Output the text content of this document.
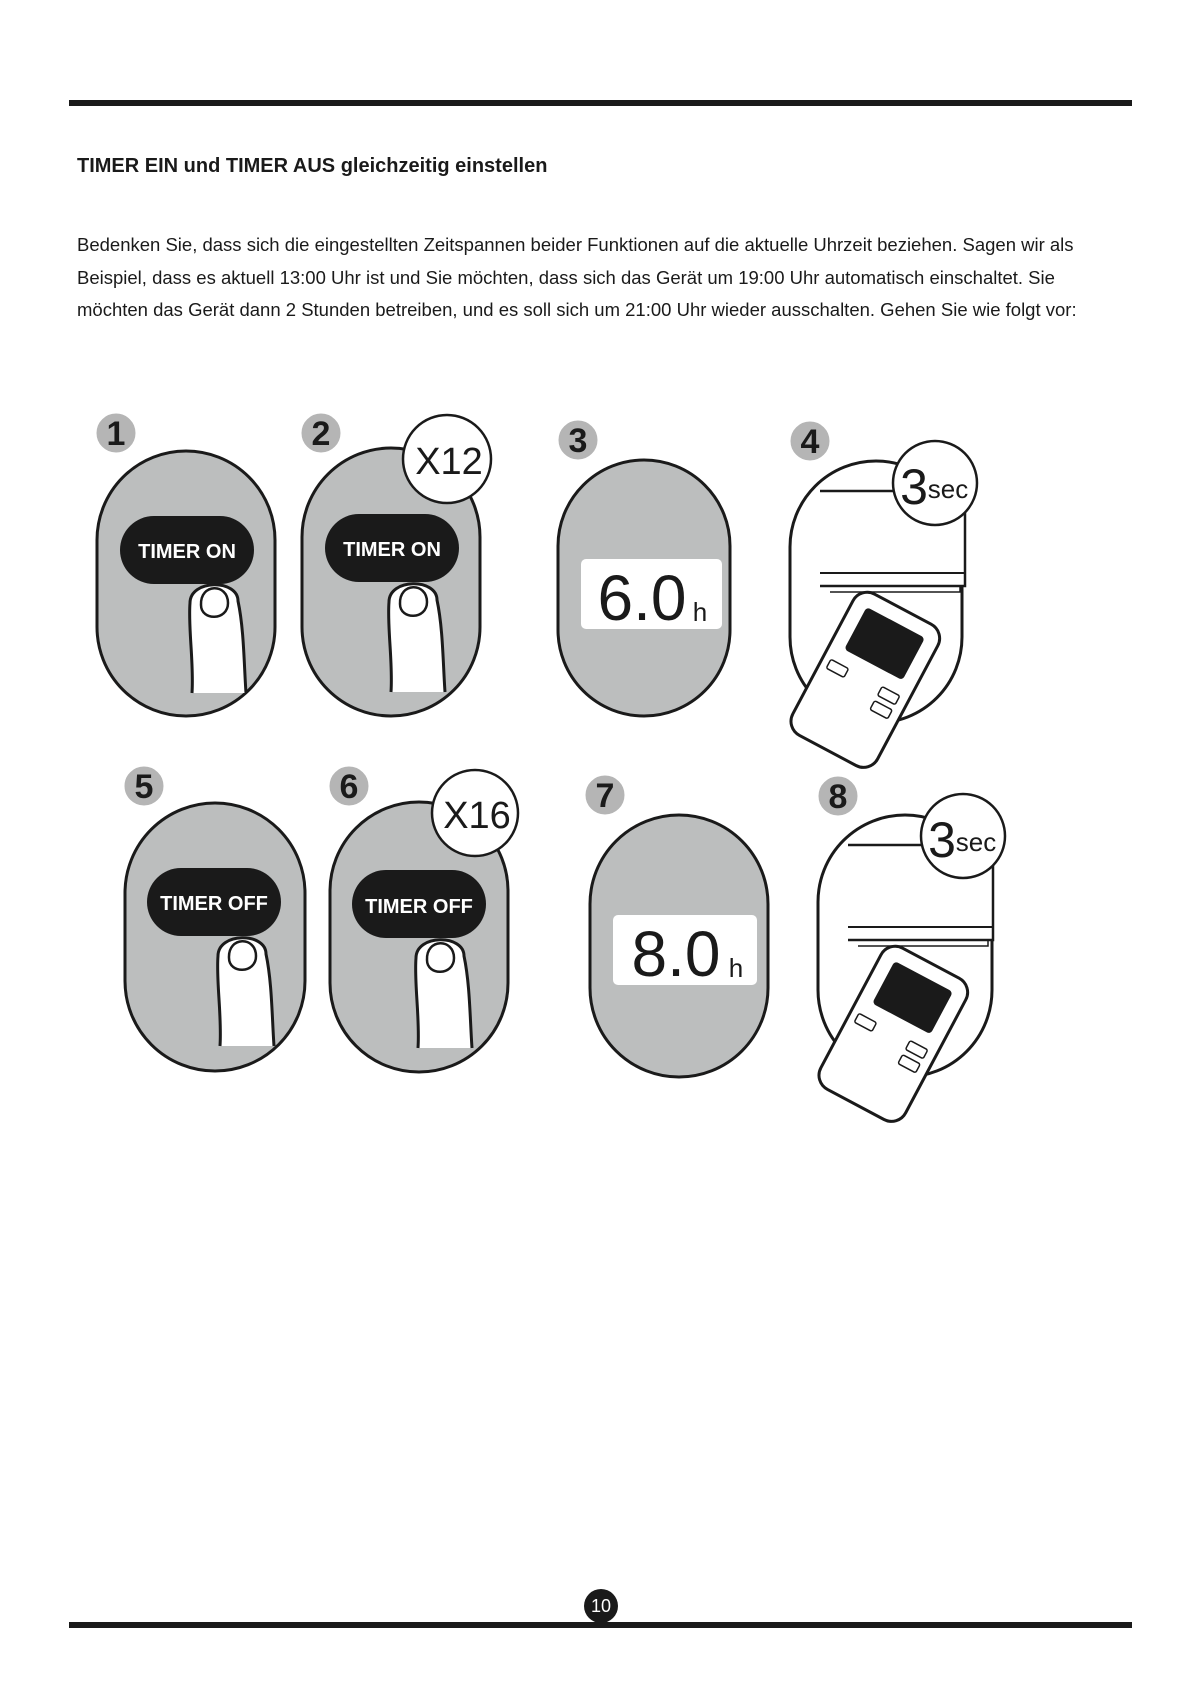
TIMER EIN und TIMER AUS gleichzeitig einstellen

Bedenken Sie, dass sich die eingestellten Zeitspannen beider Funktionen auf die aktuelle Uhrzeit beziehen. Sagen wir als Beispiel, dass es aktuell 13:00 Uhr ist und Sie möchten, dass sich das Gerät um 19:00 Uhr automatisch einschaltet. Sie möchten das Gerät dann 2 Stunden betreiben, und es soll sich um 21:00 Uhr wieder ausschalten. Gehen Sie wie folgt vor:

1
TIMER ON
2
TIMER ON
X12	3
6.0 h
4
3 sec
5
TIMER OFF
6
TIMER OFF
X16 7
8.0 h
8
3 sec
10
